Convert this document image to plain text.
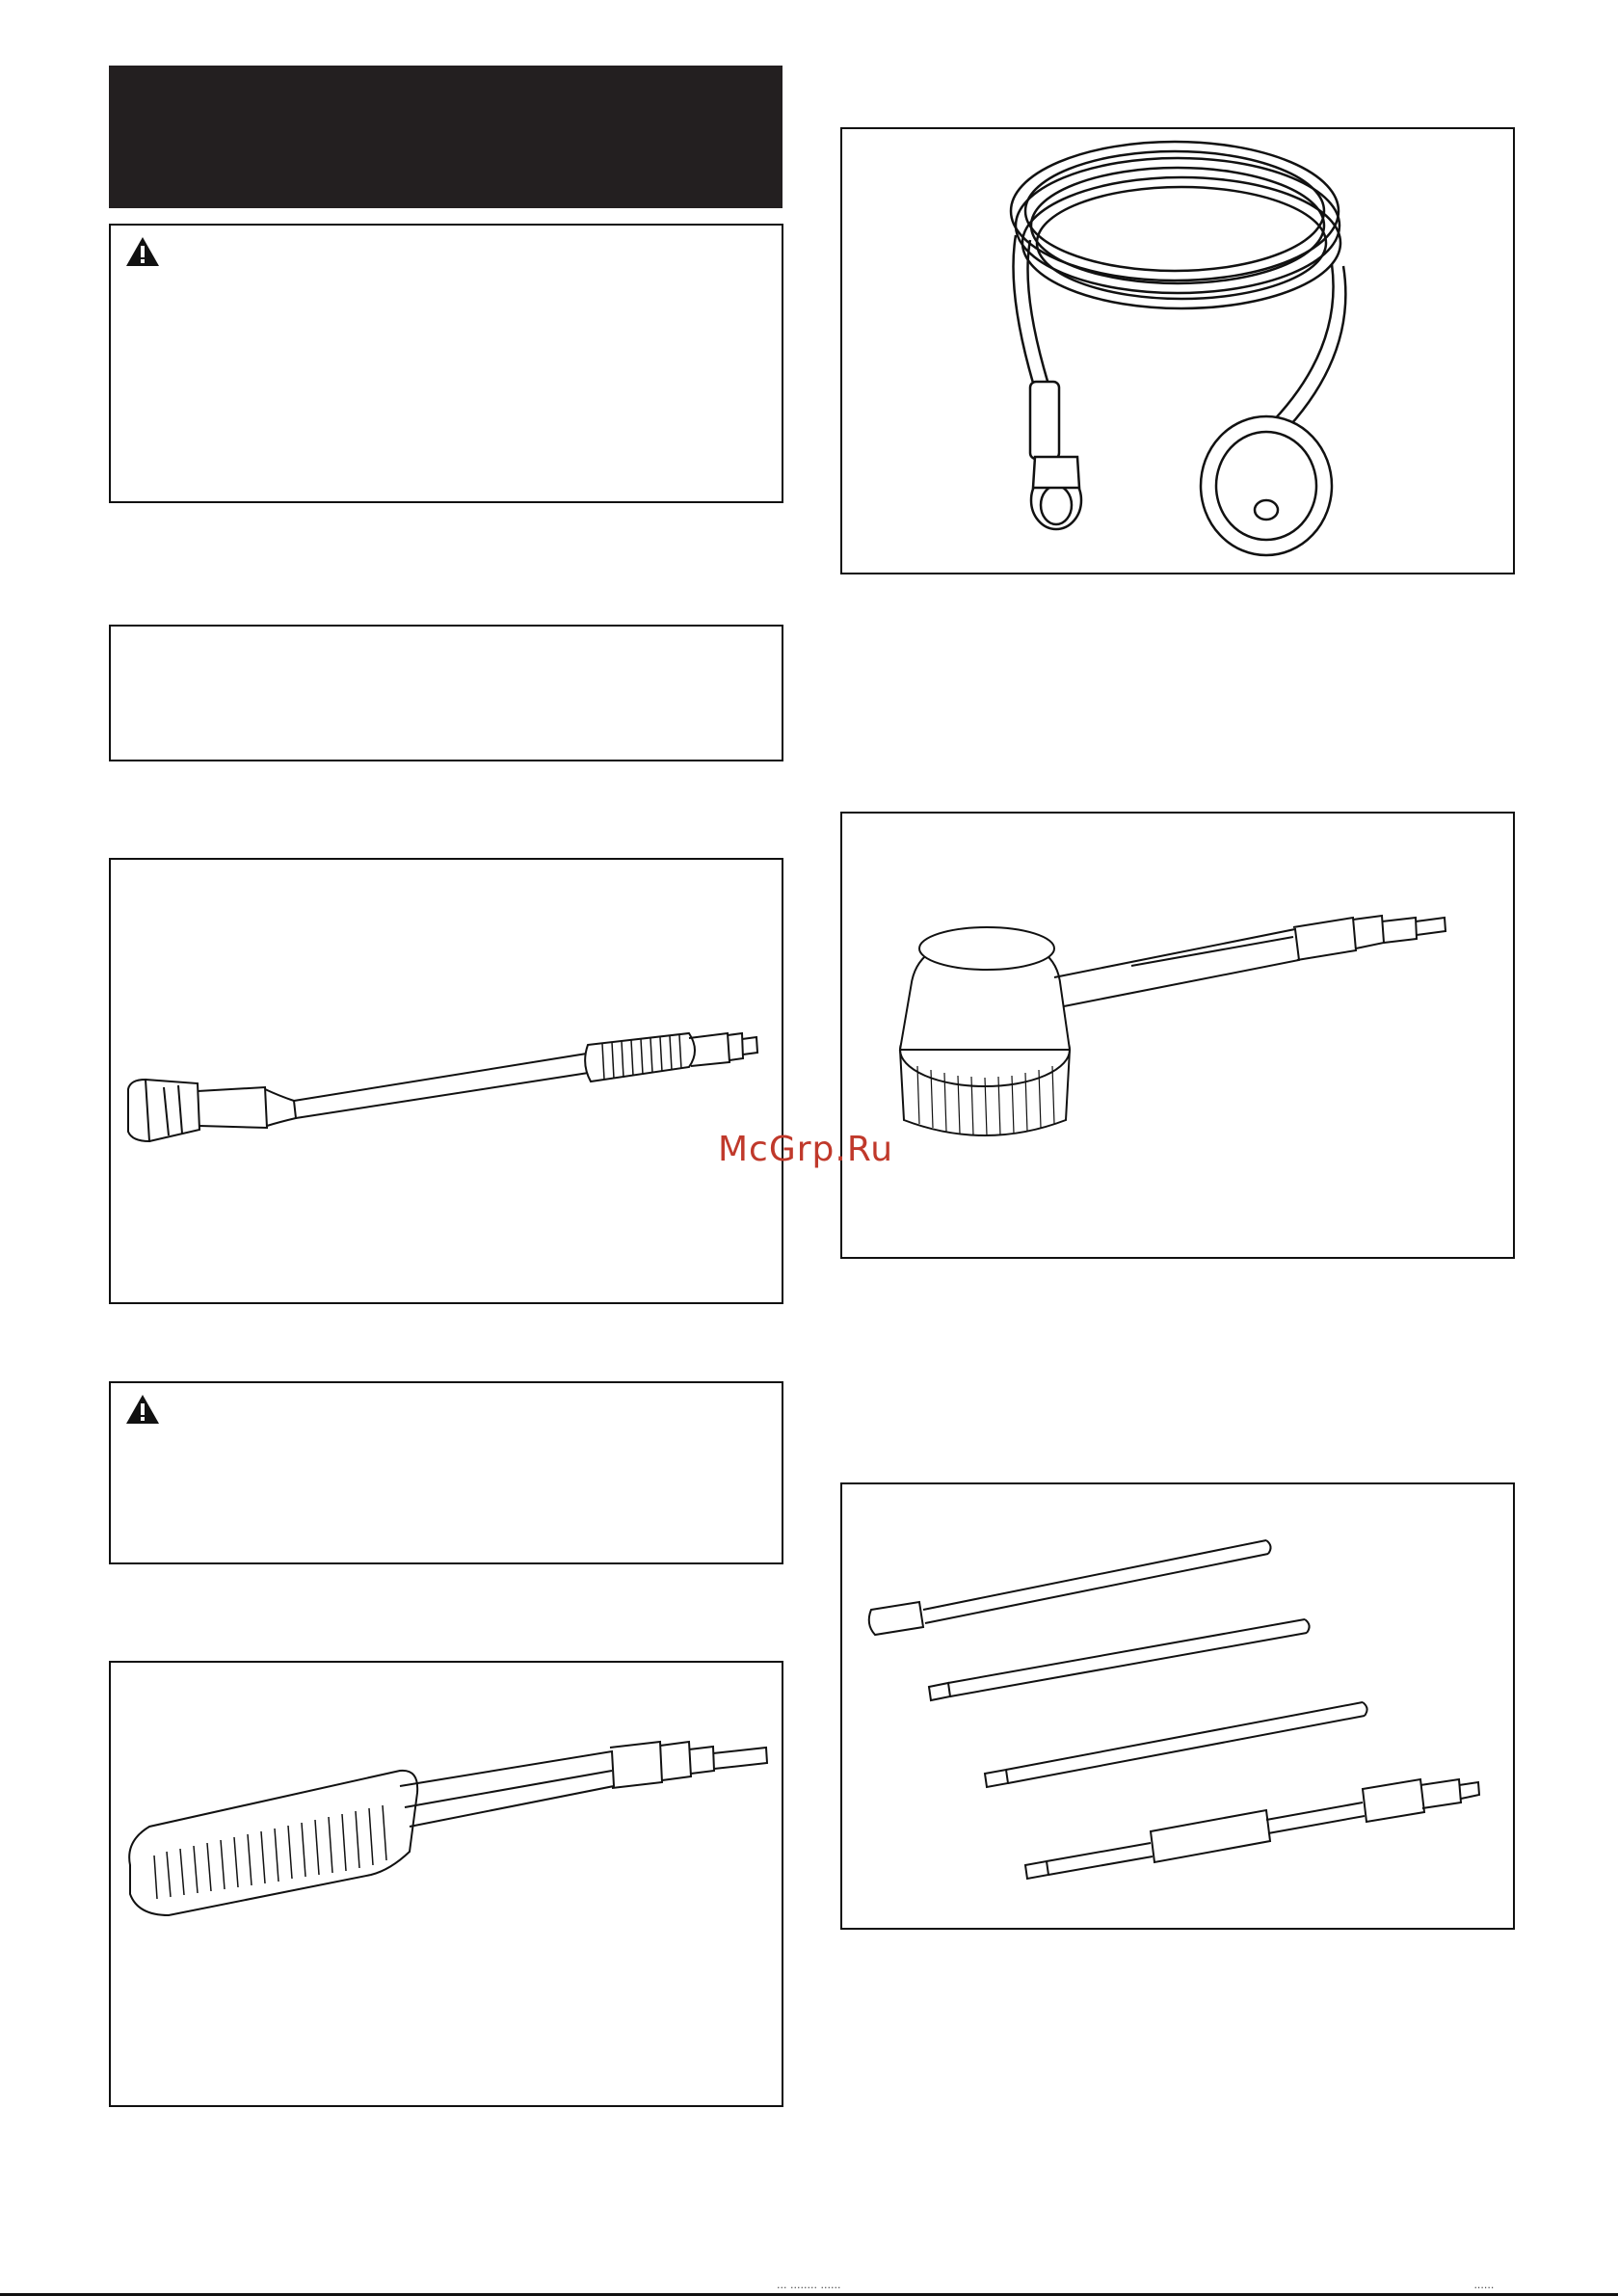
McGrp.Ru
... ........ ......	......
